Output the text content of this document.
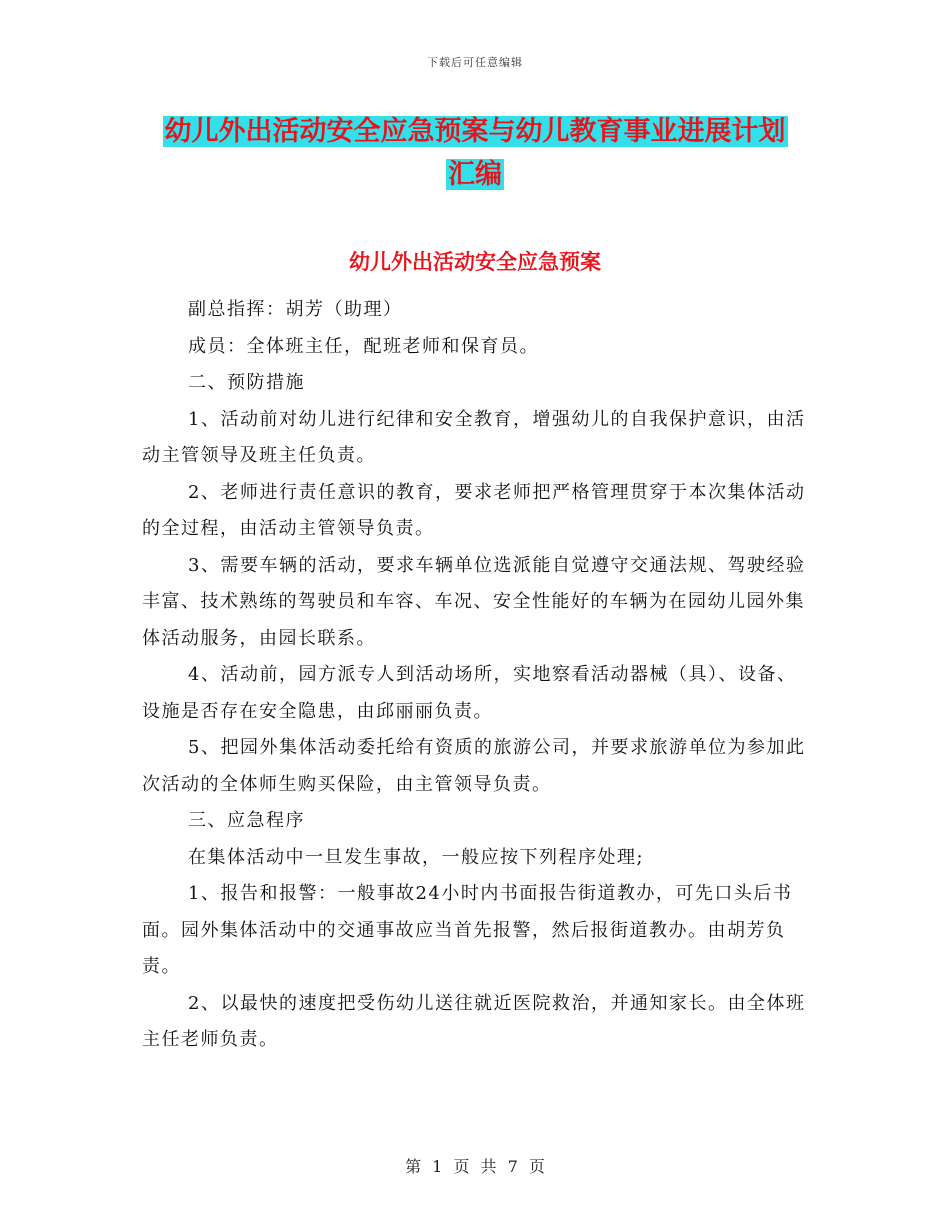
下载后可任意编辑
幼儿外出活动安全应急预案与幼儿教育事业进展计划
汇编
幼儿外出活动安全应急预案

副总指挥：胡芳（助理）

成员：全体班主任，配班老师和保育员。

二、预防措施

1、活动前对幼儿进行纪律和安全教育，增强幼儿的自我保护意识，由活动主管领导及班主任负责。

2、老师进行责任意识的教育，要求老师把严格管理贯穿于本次集体活动的全过程，由活动主管领导负责。

3、需要车辆的活动，要求车辆单位选派能自觉遵守交通法规、驾驶经验丰富、技术熟练的驾驶员和车容、车况、安全性能好的车辆为在园幼儿园外集体活动服务，由园长联系。

4、活动前，园方派专人到活动场所，实地察看活动器械（具）、设备、设施是否存在安全隐患，由邱丽丽负责。

5、把园外集体活动委托给有资质的旅游公司，并要求旅游单位为参加此次活动的全体师生购买保险，由主管领导负责。

三、应急程序

在集体活动中一旦发生事故，一般应按下列程序处理;

1、报告和报警：一般事故24小时内书面报告街道教办，可先口头后书面。园外集体活动中的交通事故应当首先报警，然后报街道教办。由胡芳负责。

2、以最快的速度把受伤幼儿送往就近医院救治，并通知家长。由全体班主任老师负责。

第 1 页 共 7 页
